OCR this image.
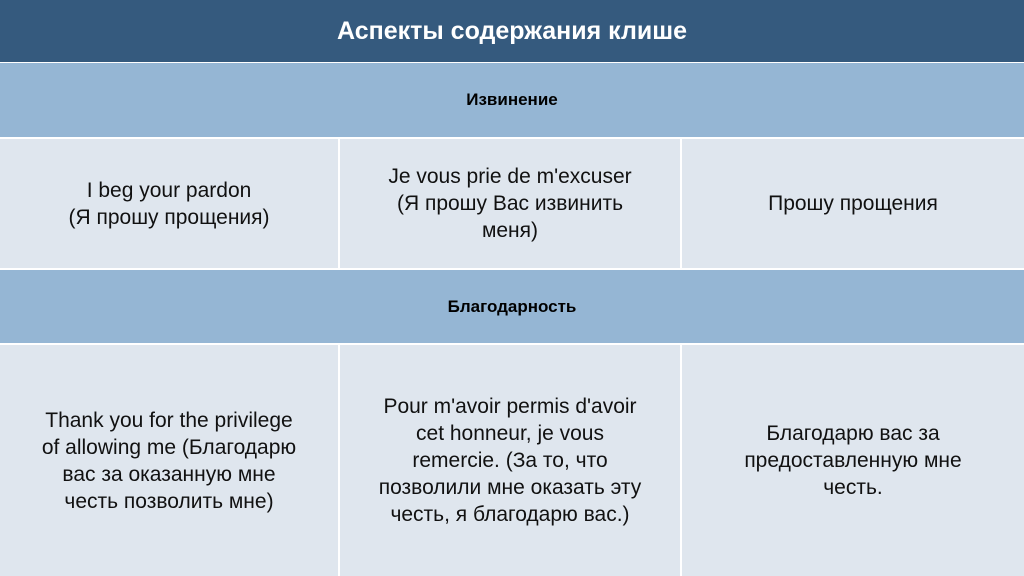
Аспекты содержания клише
Извинение
I beg your pardon
(Я прошу прощения)
Je vous prie de m'excuser
(Я прошу Вас извинить
меня)
Прошу прощения
Благодарность
Thank you for the privilege
of allowing me (Благодарю
вас за оказанную мне
честь позволить мне)
Pour m'avoir permis d'avoir
cet honneur, je vous
remercie. (За то, что
позволили мне оказать эту
честь, я благодарю вас.)
Благодарю вас за
предоставленную мне
честь.
